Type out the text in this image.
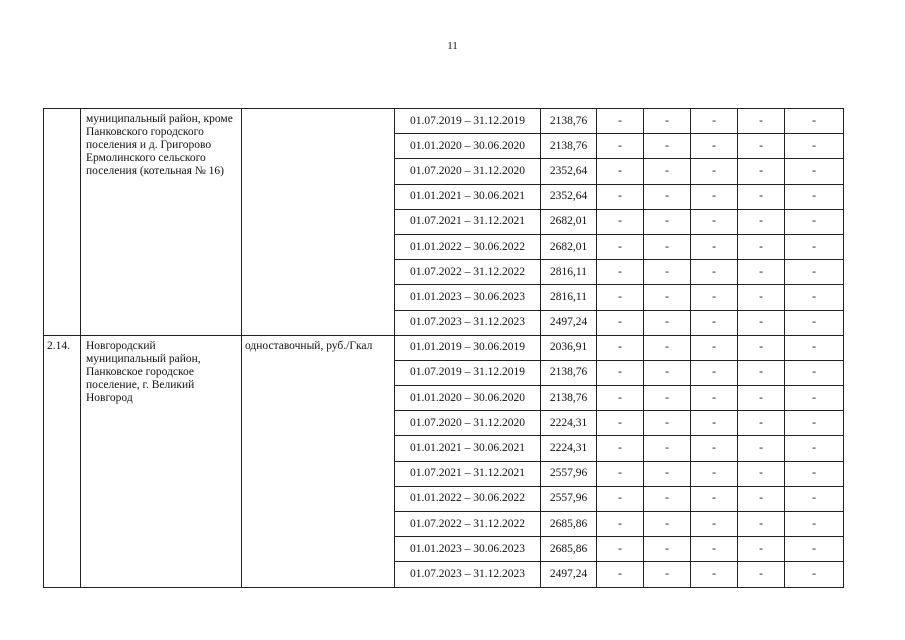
11
	муниципальный район, кроме Панковского городского поселения и д. Григорово Ермолинского сельского поселения (котельная № 16)		01.07.2019 – 31.12.2019	2138,76	-	-	-	-	-
			01.01.2020 – 30.06.2020	2138,76	-	-	-	-	-
			01.07.2020 – 31.12.2020	2352,64	-	-	-	-	-
			01.01.2021 – 30.06.2021	2352,64	-	-	-	-	-
			01.07.2021 – 31.12.2021	2682,01	-	-	-	-	-
			01.01.2022 – 30.06.2022	2682,01	-	-	-	-	-
			01.07.2022 – 31.12.2022	2816,11	-	-	-	-	-
			01.01.2023 – 30.06.2023	2816,11	-	-	-	-	-
			01.07.2023 – 31.12.2023	2497,24	-	-	-	-	-
2.14.	Новгородский муниципальный район, Панковское городское поселение, г. Великий Новгород	одноставочный, руб./Гкал	01.01.2019 – 30.06.2019	2036,91	-	-	-	-	-
			01.07.2019 – 31.12.2019	2138,76	-	-	-	-	-
			01.01.2020 – 30.06.2020	2138,76	-	-	-	-	-
			01.07.2020 – 31.12.2020	2224,31	-	-	-	-	-
			01.01.2021 – 30.06.2021	2224,31	-	-	-	-	-
			01.07.2021 – 31.12.2021	2557,96	-	-	-	-	-
			01.01.2022 – 30.06.2022	2557,96	-	-	-	-	-
			01.07.2022 – 31.12.2022	2685,86	-	-	-	-	-
			01.01.2023 – 30.06.2023	2685,86	-	-	-	-	-
			01.07.2023 – 31.12.2023	2497,24	-	-	-	-	-
